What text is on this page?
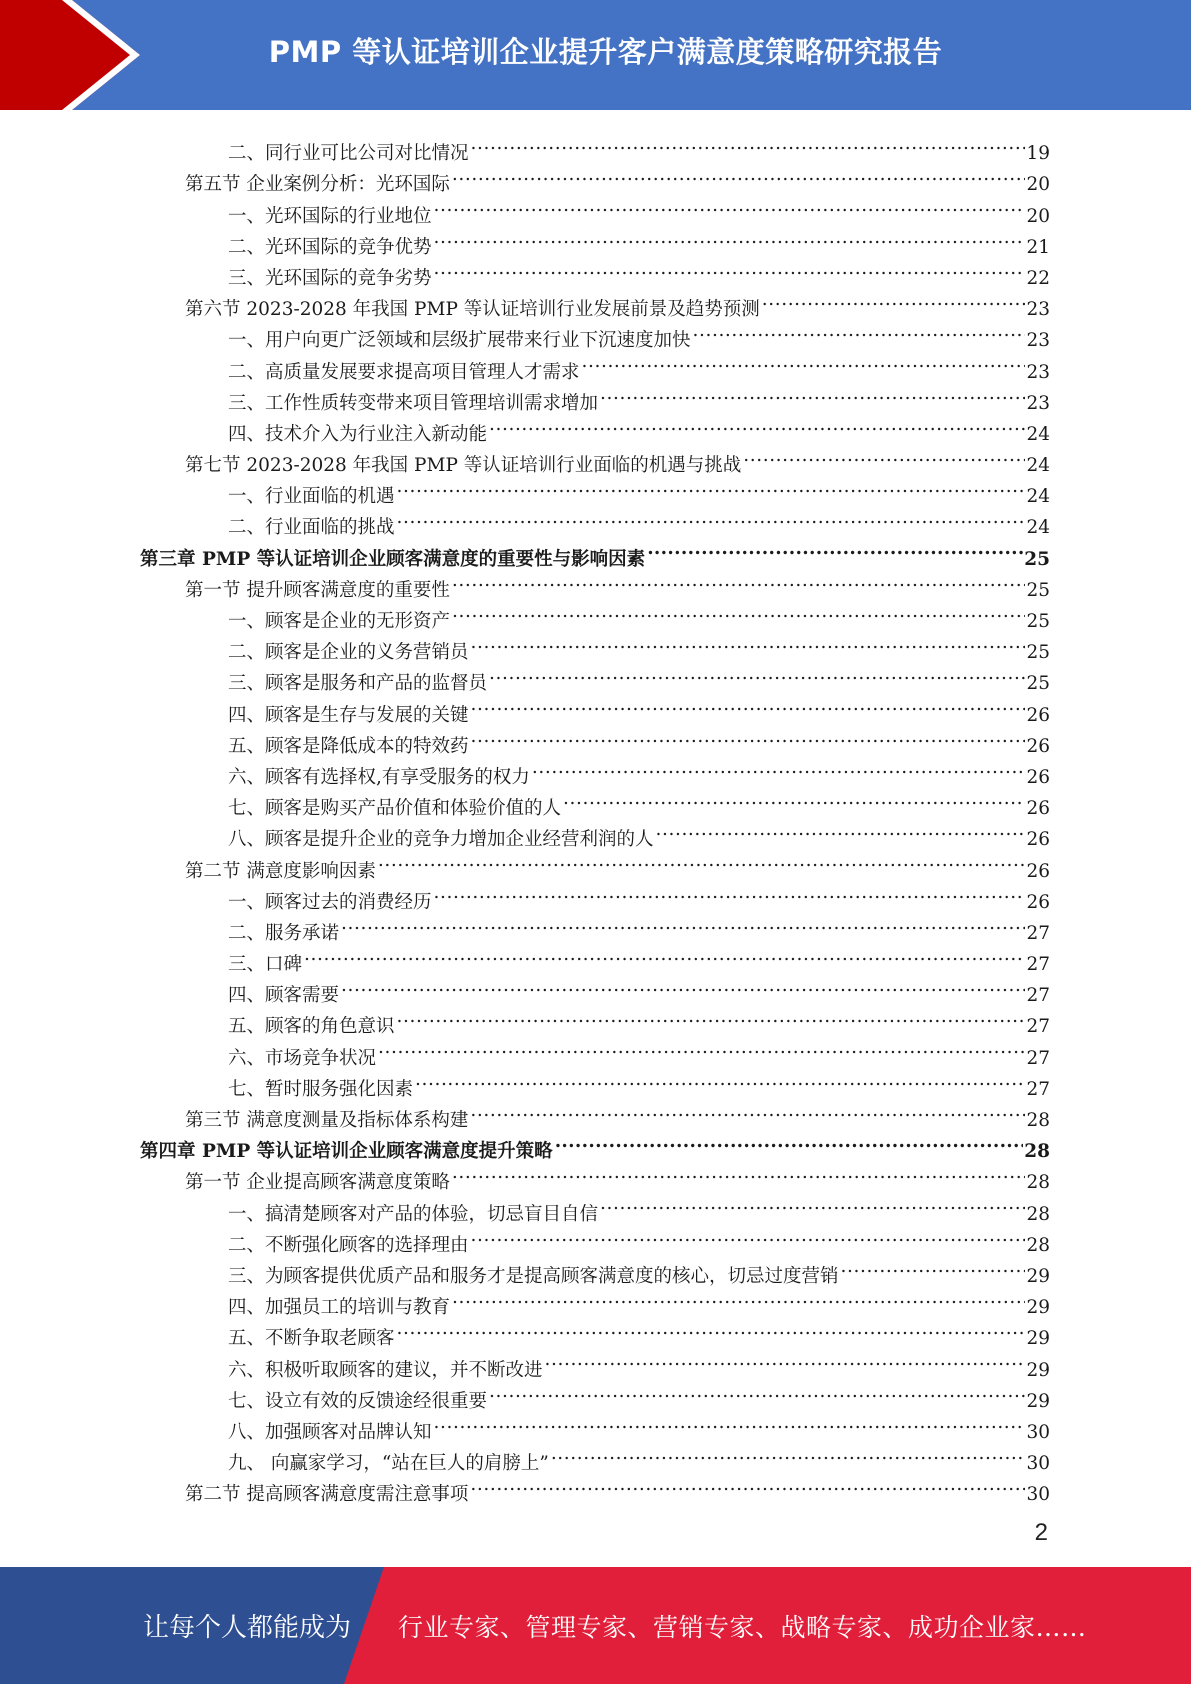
PMP 等认证培训企业提升客户满意度策略研究报告
二、同行业可比公司对比情况 .....	19
第五节 企业案例分析：光环国际 .....	20
一、光环国际的行业地位 .....	20
二、光环国际的竞争优势 .....	21
三、光环国际的竞争劣势 .....	22
第六节 2023-2028 年我国 PMP 等认证培训行业发展前景及趋势预测 .....	23
一、用户向更广泛领域和层级扩展带来行业下沉速度加快 .....	23
二、高质量发展要求提高项目管理人才需求 .....	23
三、工作性质转变带来项目管理培训需求增加 .....	23
四、技术介入为行业注入新动能 .....	24
第七节 2023-2028 年我国 PMP 等认证培训行业面临的机遇与挑战 .....	24
一、行业面临的机遇 .....	24
二、行业面临的挑战 .....	24
第三章 PMP 等认证培训企业顾客满意度的重要性与影响因素 .....	25
第一节 提升顾客满意度的重要性 .....	25
一、顾客是企业的无形资产 .....	25
二、顾客是企业的义务营销员 .....	25
三、顾客是服务和产品的监督员 .....	25
四、顾客是生存与发展的关键 .....	26
五、顾客是降低成本的特效药 .....	26
六、顾客有选择权,有享受服务的权力 .....	26
七、顾客是购买产品价值和体验价值的人 .....	26
八、顾客是提升企业的竞争力增加企业经营利润的人 .....	26
第二节 满意度影响因素 .....	26
一、顾客过去的消费经历 .....	26
二、服务承诺 .....	27
三、口碑 .....	27
四、顾客需要 .....	27
五、顾客的角色意识 .....	27
六、市场竞争状况 .....	27
七、暂时服务强化因素 .....	27
第三节 满意度测量及指标体系构建 .....	28
第四章 PMP 等认证培训企业顾客满意度提升策略 .....	28
第一节 企业提高顾客满意度策略 .....	28
一、搞清楚顾客对产品的体验，切忌盲目自信 .....	28
二、不断强化顾客的选择理由 .....	28
三、为顾客提供优质产品和服务才是提高顾客满意度的核心，切忌过度营销 .....	29
四、加强员工的培训与教育 .....	29
五、不断争取老顾客 .....	29
六、积极听取顾客的建议，并不断改进 .....	29
七、设立有效的反馈途经很重要 .....	29
八、加强顾客对品牌认知 .....	30
九、 向赢家学习，“站在巨人的肩膀上” .....	30
第二节 提高顾客满意度需注意事项 .....	30
2
让每个人都能成为 行业专家、管理专家、营销专家、战略专家、成功企业家……
